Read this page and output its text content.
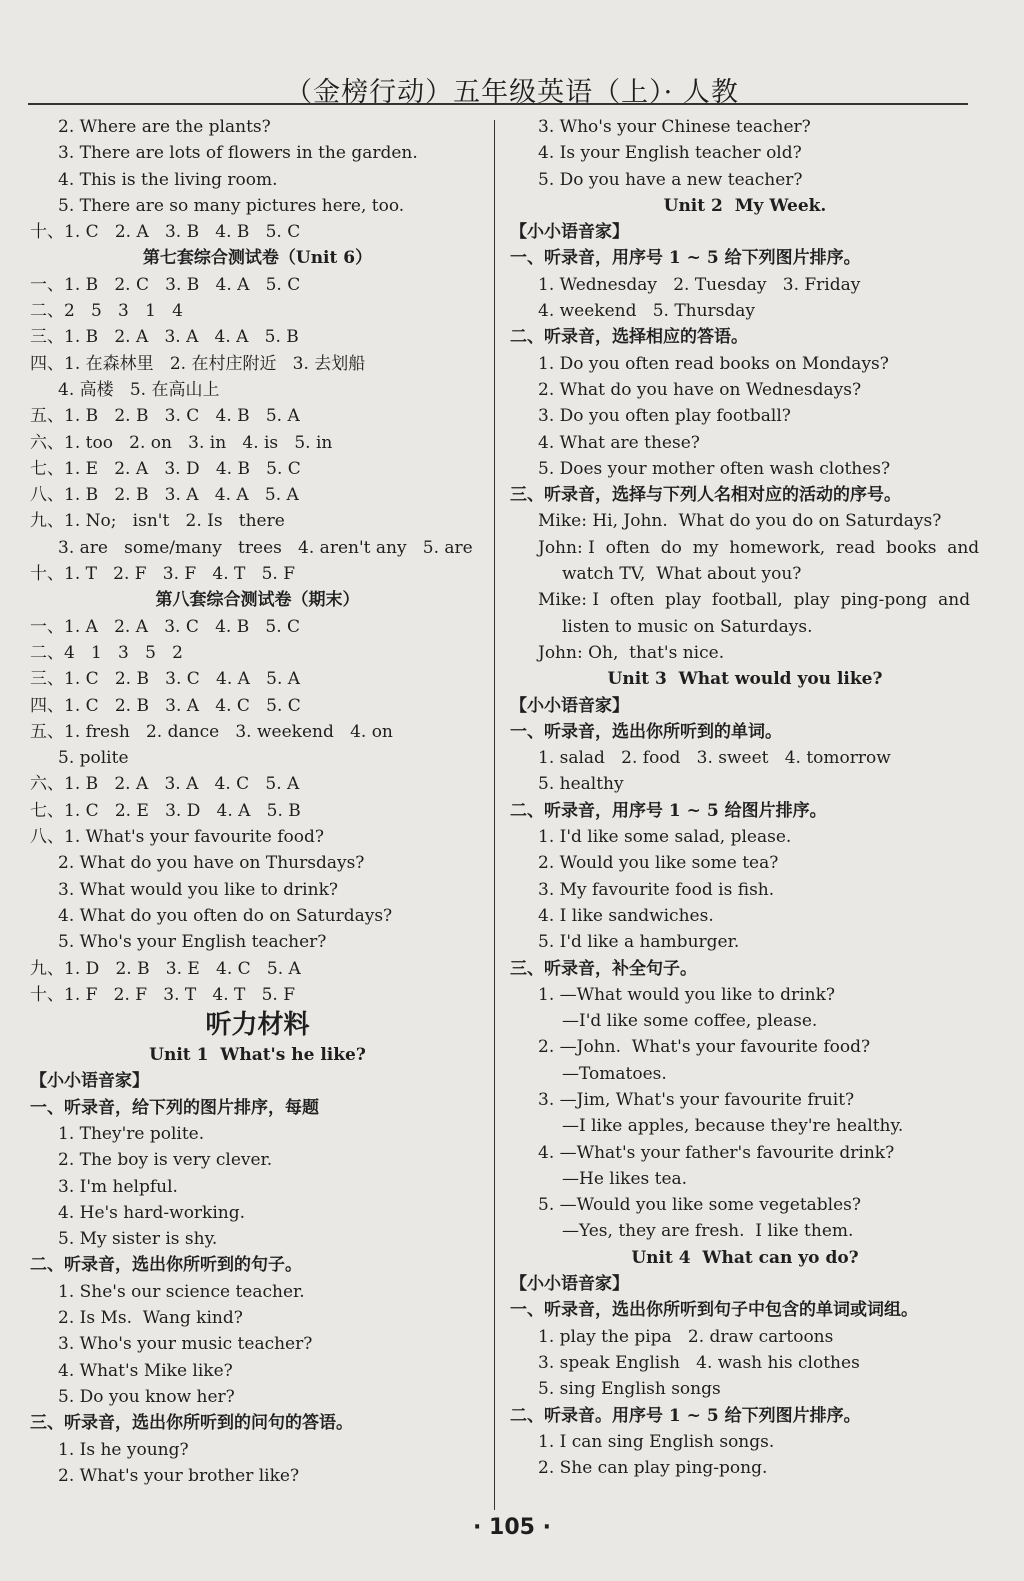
（金榜行动）五年级英语（上）· 人教
2. Where are the plants?
3. There are lots of flowers in the garden.
4. This is the living room.
5. There are so many pictures here, too.
十、1. C   2. A   3. B   4. B   5. C
第七套综合测试卷（Unit 6）
一、1. B   2. C   3. B   4. A   5. C
二、2   5   3   1   4
三、1. B   2. A   3. A   4. A   5. B
四、1. 在森林里   2. 在村庄附近   3. 去划船
4. 高楼   5. 在高山上
五、1. B   2. B   3. C   4. B   5. A
六、1. too   2. on   3. in   4. is   5. in
七、1. E   2. A   3. D   4. B   5. C
八、1. B   2. B   3. A   4. A   5. A
九、1. No;   isn't   2. Is   there
3. are   some/many   trees   4. aren't any   5. are
十、1. T   2. F   3. F   4. T   5. F
第八套综合测试卷（期末）
一、1. A   2. A   3. C   4. B   5. C
二、4   1   3   5   2
三、1. C   2. B   3. C   4. A   5. A
四、1. C   2. B   3. A   4. C   5. C
五、1. fresh   2. dance   3. weekend   4. on
5. polite
六、1. B   2. A   3. A   4. C   5. A
七、1. C   2. E   3. D   4. A   5. B
八、1. What's your favourite food?
2. What do you have on Thursdays?
3. What would you like to drink?
4. What do you often do on Saturdays?
5. Who's your English teacher?
九、1. D   2. B   3. E   4. C   5. A
十、1. F   2. F   3. T   4. T   5. F
听力材料
Unit 1  What's he like?
【小小语音家】
一、听录音，给下列的图片排序，每题
1. They're polite.
2. The boy is very clever.
3. I'm helpful.
4. He's hard-working.
5. My sister is shy.
二、听录音，选出你所听到的句子。
1. She's our science teacher.
2. Is Ms.  Wang kind?
3. Who's your music teacher?
4. What's Mike like?
5. Do you know her?
三、听录音，选出你所听到的问句的答语。
1. Is he young?
2. What's your brother like?
3. Who's your Chinese teacher?
4. Is your English teacher old?
5. Do you have a new teacher?
Unit 2  My Week.
【小小语音家】
一、听录音，用序号 1 ~ 5 给下列图片排序。
1. Wednesday   2. Tuesday   3. Friday
4. weekend   5. Thursday
二、听录音，选择相应的答语。
1. Do you often read books on Mondays?
2. What do you have on Wednesdays?
3. Do you often play football?
4. What are these?
5. Does your mother often wash clothes?
三、听录音，选择与下列人名相对应的活动的序号。
Mike: Hi, John.  What do you do on Saturdays?
John: I  often  do  my  homework,  read  books  and
watch TV,  What about you?
Mike: I  often  play  football,  play  ping-pong  and
listen to music on Saturdays.
John: Oh,  that's nice.
Unit 3  What would you like?
【小小语音家】
一、听录音，选出你所听到的单词。
1. salad   2. food   3. sweet   4. tomorrow
5. healthy
二、听录音，用序号 1 ~ 5 给图片排序。
1. I'd like some salad, please.
2. Would you like some tea?
3. My favourite food is fish.
4. I like sandwiches.
5. I'd like a hamburger.
三、听录音，补全句子。
1. —What would you like to drink?
—I'd like some coffee, please.
2. —John.  What's your favourite food?
—Tomatoes.
3. —Jim, What's your favourite fruit?
—I like apples, because they're healthy.
4. —What's your father's favourite drink?
—He likes tea.
5. —Would you like some vegetables?
—Yes, they are fresh.  I like them.
Unit 4  What can yo do?
【小小语音家】
一、听录音，选出你所听到句子中包含的单词或词组。
1. play the pipa   2. draw cartoons
3. speak English   4. wash his clothes
5. sing English songs
二、听录音。用序号 1 ~ 5 给下列图片排序。
1. I can sing English songs.
2. She can play ping-pong.
· 105 ·
